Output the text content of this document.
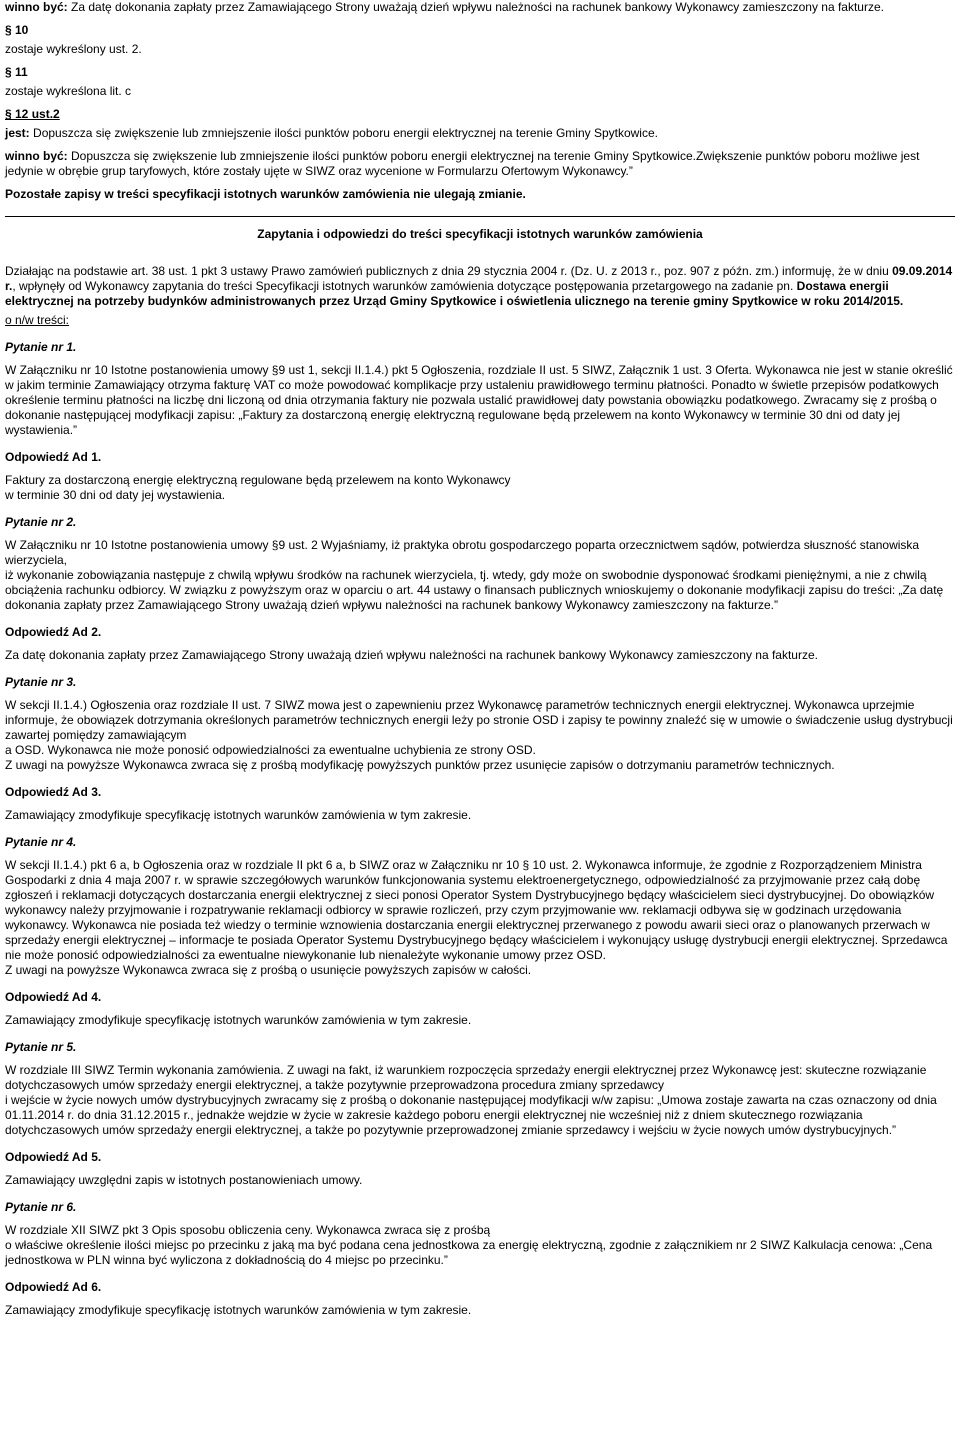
winno być: Za datę dokonania zapłaty przez Zamawiającego Strony uważają dzień wpływu należności na rachunek bankowy Wykonawcy zamieszczony na fakturze.

§ 10

zostaje wykreślony ust. 2.

§ 11

zostaje wykreślona lit. c

§ 12 ust.2

jest: Dopuszcza się zwiększenie lub zmniejszenie ilości punktów poboru energii elektrycznej na terenie Gminy Spytkowice.

winno być: Dopuszcza się zwiększenie lub zmniejszenie ilości punktów poboru energii elektrycznej na terenie Gminy Spytkowice.Zwiększenie punktów poboru możliwe jest jedynie w obrębie grup taryfowych, które zostały ujęte w SIWZ oraz wycenione w Formularzu Ofertowym Wykonawcy.”

Pozostałe zapisy w treści specyfikacji istotnych warunków zamówienia nie ulegają zmianie.

Zapytania i odpowiedzi do treści specyfikacji istotnych warunków zamówienia

Działając na podstawie art. 38 ust. 1 pkt 3 ustawy Prawo zamówień publicznych z dnia 29 stycznia 2004 r. (Dz. U. z 2013 r., poz. 907 z późn. zm.) informuję, że w dniu 09.09.2014 r., wpłynęły od Wykonawcy zapytania do treści Specyfikacji istotnych warunków zamówienia dotyczące postępowania przetargowego na zadanie pn. Dostawa energii elektrycznej na potrzeby budynków administrowanych przez Urząd Gminy Spytkowice i oświetlenia ulicznego na terenie gminy Spytkowice w roku 2014/2015.

o n/w treści:

Pytanie nr 1.

W Załączniku nr 10 Istotne postanowienia umowy §9 ust 1, sekcji II.1.4.) pkt 5 Ogłoszenia, rozdziale II ust. 5 SIWZ, Załącznik 1 ust. 3 Oferta. Wykonawca nie jest w stanie określić w jakim terminie Zamawiający otrzyma fakturę VAT co może powodować komplikacje przy ustaleniu prawidłowego terminu płatności. Ponadto w świetle przepisów podatkowych określenie terminu płatności na liczbę dni liczoną od dnia otrzymania faktury nie pozwala ustalić prawidłowej daty powstania obowiązku podatkowego. Zwracamy się z prośbą o dokonanie następującej modyfikacji zapisu: „Faktury za dostarczoną energię elektryczną regulowane będą przelewem na konto Wykonawcy w terminie 30 dni od daty jej wystawienia.”

Odpowiedź Ad 1.

Faktury za dostarczoną energię elektryczną regulowane będą przelewem na konto Wykonawcy
w terminie 30 dni od daty jej wystawienia.

Pytanie nr 2.

W Załączniku nr 10 Istotne postanowienia umowy §9 ust. 2 Wyjaśniamy, iż praktyka obrotu gospodarczego poparta orzecznictwem sądów, potwierdza słuszność stanowiska wierzyciela,
iż wykonanie zobowiązania następuje z chwilą wpływu środków na rachunek wierzyciela, tj. wtedy, gdy może on swobodnie dysponować środkami pieniężnymi, a nie z chwilą obciążenia rachunku odbiorcy. W związku z powyższym oraz w oparciu o art. 44 ustawy o finansach publicznych wnioskujemy o dokonanie modyfikacji zapisu do treści: „Za datę dokonania zapłaty przez Zamawiającego Strony uważają dzień wpływu należności na rachunek bankowy Wykonawcy zamieszczony na fakturze.”

Odpowiedź Ad 2.

Za datę dokonania zapłaty przez Zamawiającego Strony uważają dzień wpływu należności na rachunek bankowy Wykonawcy zamieszczony na fakturze.

Pytanie nr 3.

W sekcji II.1.4.) Ogłoszenia oraz rozdziale II ust. 7 SIWZ mowa jest o zapewnieniu przez Wykonawcę parametrów technicznych energii elektrycznej. Wykonawca uprzejmie informuje, że obowiązek dotrzymania określonych parametrów technicznych energii leży po stronie OSD i zapisy te powinny znaleźć się w umowie o świadczenie usług dystrybucji zawartej pomiędzy zamawiającym
a OSD. Wykonawca nie może ponosić odpowiedzialności za ewentualne uchybienia ze strony OSD.
Z uwagi na powyższe Wykonawca zwraca się z prośbą modyfikację powyższych punktów przez usunięcie zapisów o dotrzymaniu parametrów technicznych.

Odpowiedź Ad 3.

Zamawiający zmodyfikuje specyfikację istotnych warunków zamówienia w tym zakresie.

Pytanie nr 4.

W sekcji II.1.4.) pkt 6 a, b Ogłoszenia oraz w rozdziale II pkt 6 a, b SIWZ oraz w Załączniku nr 10 § 10 ust. 2. Wykonawca informuje, że zgodnie z Rozporządzeniem Ministra Gospodarki z dnia 4 maja 2007 r. w sprawie szczegółowych warunków funkcjonowania systemu elektroenergetycznego, odpowiedzialność za przyjmowanie przez całą dobę zgłoszeń i reklamacji dotyczących dostarczania energii elektrycznej z sieci ponosi Operator System Dystrybucyjnego będący właścicielem sieci dystrybucyjnej. Do obowiązków wykonawcy należy przyjmowanie i rozpatrywanie reklamacji odbiorcy w sprawie rozliczeń, przy czym przyjmowanie ww. reklamacji odbywa się w godzinach urzędowania wykonawcy. Wykonawca nie posiada też wiedzy o terminie wznowienia dostarczania energii elektrycznej przerwanego z powodu awarii sieci oraz o planowanych przerwach w sprzedaży energii elektrycznej – informacje te posiada Operator Systemu Dystrybucyjnego będący właścicielem i wykonujący usługę dystrybucji energii elektrycznej. Sprzedawca nie może ponosić odpowiedzialności za ewentualne niewykonanie lub nienależyte wykonanie umowy przez OSD.
Z uwagi na powyższe Wykonawca zwraca się z prośbą o usunięcie powyższych zapisów w całości.

Odpowiedź Ad 4.

Zamawiający zmodyfikuje specyfikację istotnych warunków zamówienia w tym zakresie.

Pytanie nr 5.

W rozdziale III SIWZ Termin wykonania zamówienia. Z uwagi na fakt, iż warunkiem rozpoczęcia sprzedaży energii elektrycznej przez Wykonawcę jest: skuteczne rozwiązanie dotychczasowych umów sprzedaży energii elektrycznej, a także pozytywnie przeprowadzona procedura zmiany sprzedawcy
i wejście w życie nowych umów dystrybucyjnych zwracamy się z prośbą o dokonanie następującej modyfikacji w/w zapisu: „Umowa zostaje zawarta na czas oznaczony od dnia 01.11.2014 r. do dnia 31.12.2015 r., jednakże wejdzie w życie w zakresie każdego poboru energii elektrycznej nie wcześniej niż z dniem skutecznego rozwiązania dotychczasowych umów sprzedaży energii elektrycznej, a także po pozytywnie przeprowadzonej zmianie sprzedawcy i wejściu w życie nowych umów dystrybucyjnych.”

Odpowiedź Ad 5.

Zamawiający uwzględni zapis w istotnych postanowieniach umowy.

Pytanie nr 6.

W rozdziale XII SIWZ pkt 3 Opis sposobu obliczenia ceny. Wykonawca zwraca się z prośbą
o właściwe określenie ilości miejsc po przecinku z jaką ma być podana cena jednostkowa za energię elektryczną, zgodnie z załącznikiem nr 2 SIWZ Kalkulacja cenowa: „Cena jednostkowa w PLN winna być wyliczona z dokładnością do 4 miejsc po przecinku.”

Odpowiedź Ad 6.

Zamawiający zmodyfikuje specyfikację istotnych warunków zamówienia w tym zakresie.
